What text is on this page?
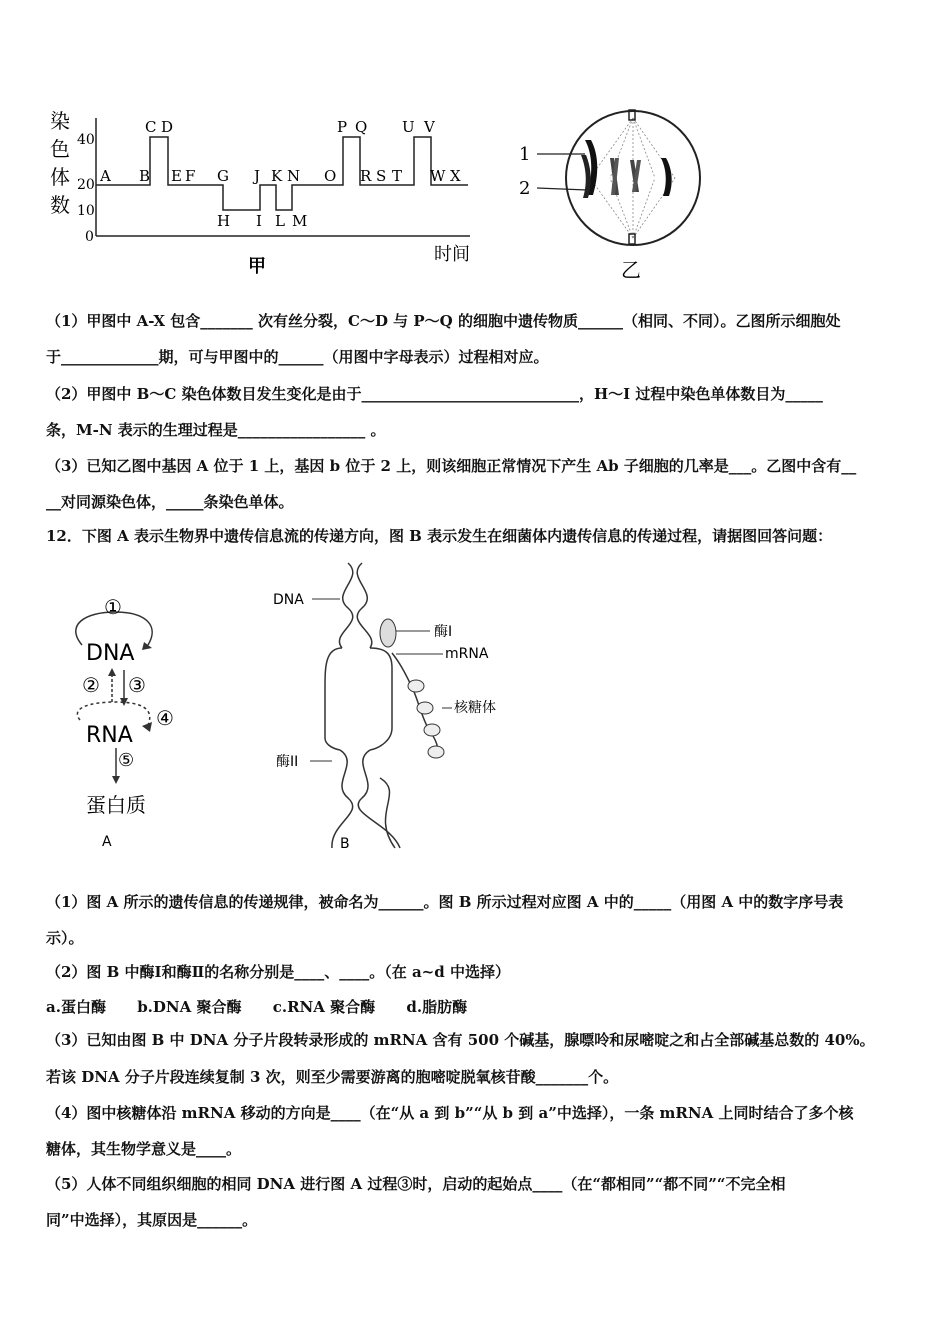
染
色
体
数
40
20
10
0
C D	P Q U V
A B E F G J K N O R S T W X
H I L M
时间
甲
1
2
乙
（1）甲图中 A-X 包含_______ 次有丝分裂，C～D 与 P～Q 的细胞中遗传物质______（相同、不同）。乙图所示细胞处
于_____________期，可与甲图中的______（用图中字母表示）过程相对应。
（2）甲图中 B～C 染色体数目发生变化是由于_____________________________，H～I 过程中染色单体数目为_____
条，M-N 表示的生理过程是_________________ 。
（3）已知乙图中基因 A 位于 1 上，基因 b 位于 2 上，则该细胞正常情况下产生 Ab 子细胞的几率是___。乙图中含有__
__对同源染色体，_____条染色单体。
12．下图 A 表示生物界中遗传信息流的传递方向，图 B 表示发生在细菌体内遗传信息的传递过程，请据图回答问题：
①
DNA
② ③
④
RNA
⑤
蛋白质
A
DNA
酶I
mRNA
核糖体
酶II
B
（1）图 A 所示的遗传信息的传递规律，被命名为______。图 B 所示过程对应图 A 中的_____（用图 A 中的数字序号表
示）。
（2）图 B 中酶Ⅰ和酶Ⅱ的名称分别是____、____。（在 a~d 中选择）
a.蛋白酶 b.DNA 聚合酶 c.RNA 聚合酶 d.脂肪酶
（3）已知由图 B 中 DNA 分子片段转录形成的 mRNA 含有 500 个碱基，腺嘌呤和尿嘧啶之和占全部碱基总数的 40%。
若该 DNA 分子片段连续复制 3 次，则至少需要游离的胞嘧啶脱氧核苷酸_______个。
（4）图中核糖体沿 mRNA 移动的方向是____（在“从 a 到 b”“从 b 到 a”中选择），一条 mRNA 上同时结合了多个核
糖体，其生物学意义是____。
（5）人体不同组织细胞的相同 DNA 进行图 A 过程③时，启动的起始点____（在“都相同”“都不同”“不完全相
同”中选择），其原因是______。
